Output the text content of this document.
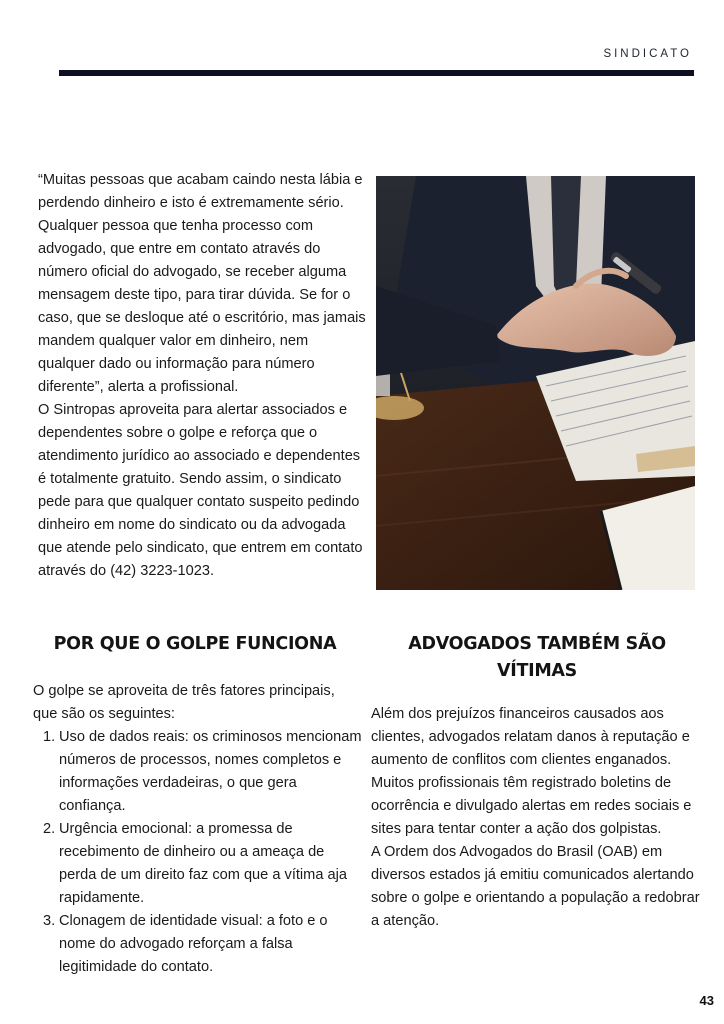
SINDICATO

“Muitas pessoas que acabam caindo nesta lábia e perdendo dinheiro e isto é extremamente sério. Qualquer pessoa que tenha processo com advogado, que entre em contato através do número oficial do advogado, se receber alguma mensagem deste tipo, para tirar dúvida. Se for o caso, que se desloque até o escritório, mas jamais mandem qualquer valor em dinheiro, nem qualquer dado ou informação para número diferente”, alerta a profissional.

O Sintropas aproveita para alertar associados e dependentes sobre o golpe e reforça que o atendimento jurídico ao associado e dependentes é totalmente gratuito. Sendo assim, o sindicato pede para que qualquer contato suspeito pedindo dinheiro em nome do sindicato ou da advogada que atende pelo sindicato, que entrem em contato através do (42) 3223-1023.

POR QUE O GOLPE FUNCIONA	ADVOGADOS TAMBÉM SÃO VÍTIMAS

O golpe se aproveita de três fatores principais, que são os seguintes:

1. Uso de dados reais: os criminosos mencionam números de processos, nomes completos e informações verdadeiras, o que gera confiança.
2. Urgência emocional: a promessa de recebimento de dinheiro ou a ameaça de perda de um direito faz com que a vítima aja rapidamente.
3. Clonagem de identidade visual: a foto e o nome do advogado reforçam a falsa legitimidade do contato.

Além dos prejuízos financeiros causados aos clientes, advogados relatam danos à reputação e aumento de conflitos com clientes enganados. Muitos profissionais têm registrado boletins de ocorrência e divulgado alertas em redes sociais e sites para tentar conter a ação dos golpistas.

A Ordem dos Advogados do Brasil (OAB) em diversos estados já emitiu comunicados alertando sobre o golpe e orientando a população a redobrar a atenção.

43
